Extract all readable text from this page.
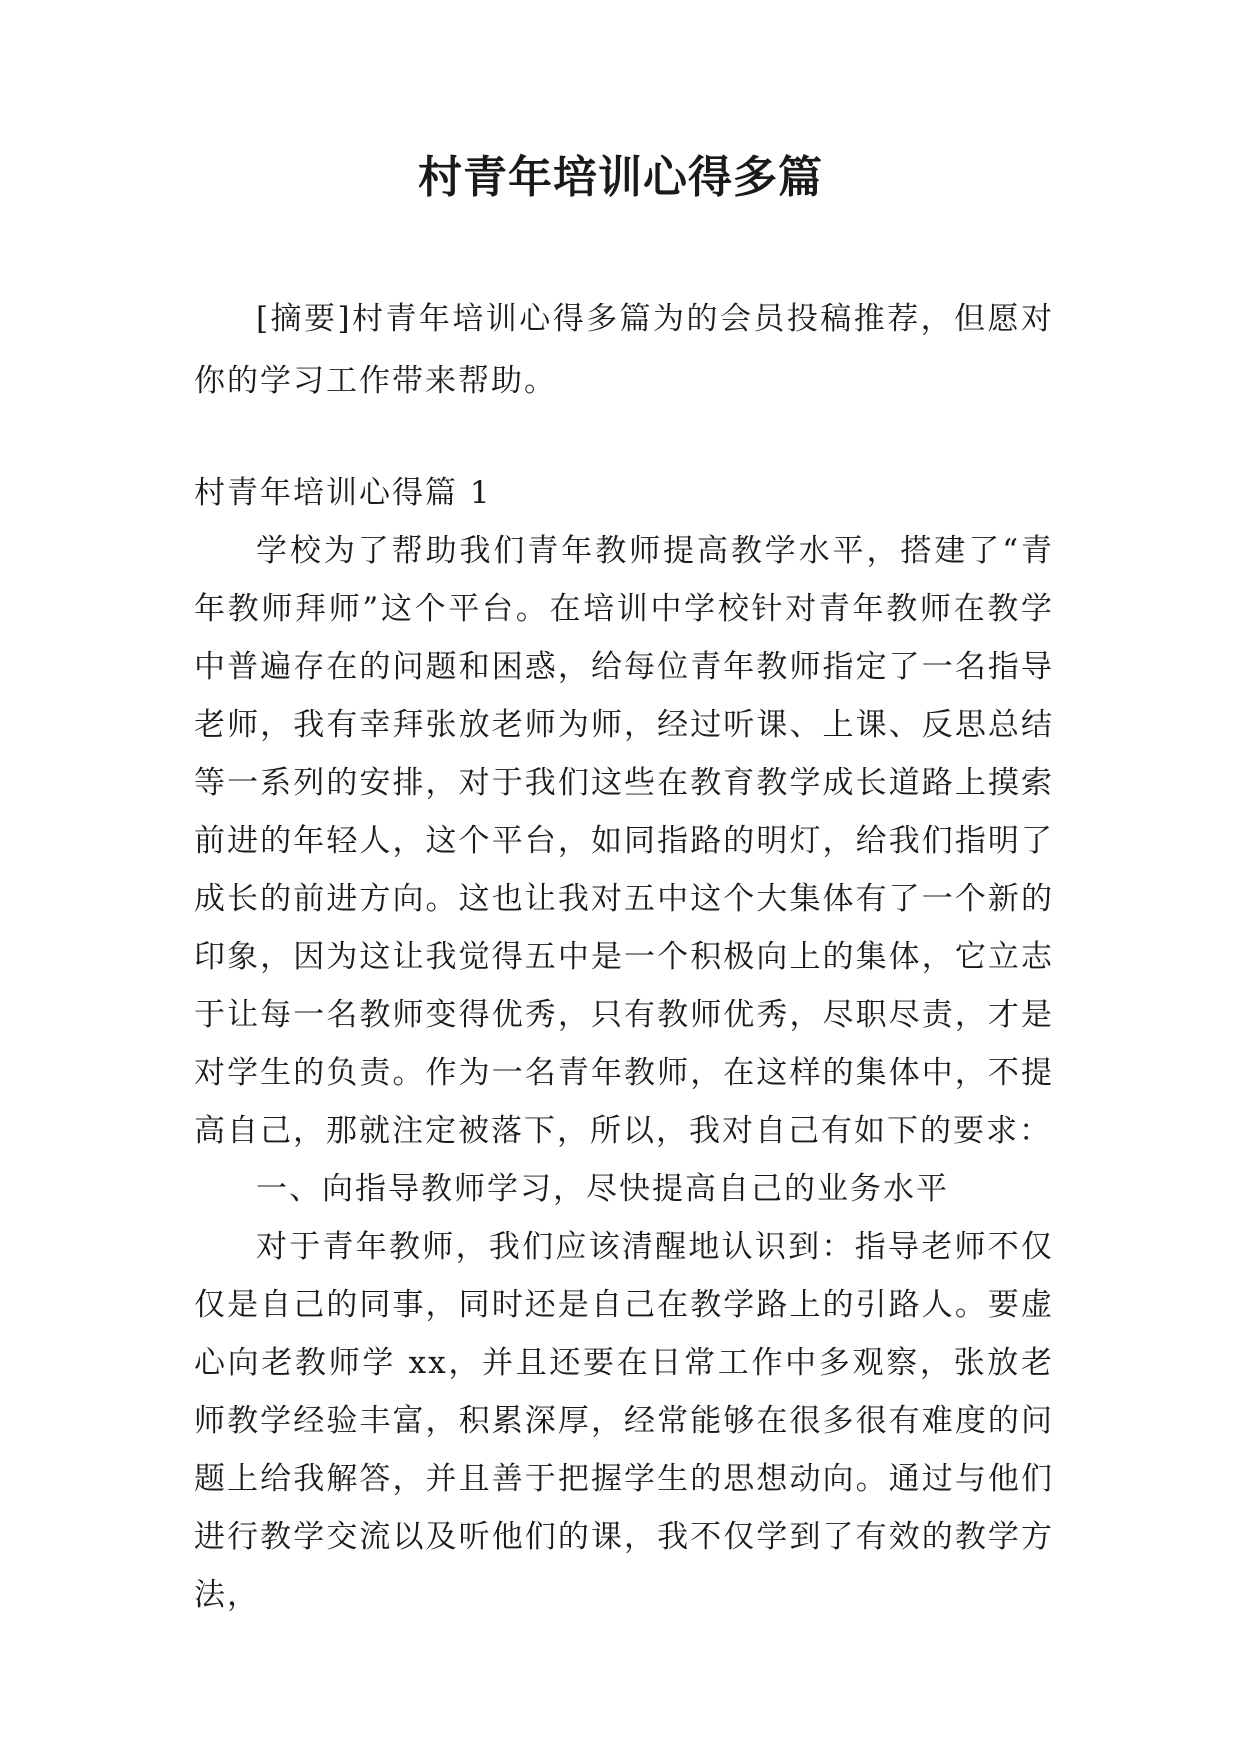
村青年培训心得多篇

[摘要]村青年培训心得多篇为的会员投稿推荐，但愿对你的学习工作带来帮助。

村青年培训心得篇 1

学校为了帮助我们青年教师提高教学水平，搭建了“青年教师拜师”这个平台。在培训中学校针对青年教师在教学中普遍存在的问题和困惑，给每位青年教师指定了一名指导老师，我有幸拜张放老师为师，经过听课、上课、反思总结等一系列的安排，对于我们这些在教育教学成长道路上摸索前进的年轻人，这个平台，如同指路的明灯，给我们指明了成长的前进方向。这也让我对五中这个大集体有了一个新的印象，因为这让我觉得五中是一个积极向上的集体，它立志于让每一名教师变得优秀，只有教师优秀，尽职尽责，才是对学生的负责。作为一名青年教师，在这样的集体中，不提高自己，那就注定被落下，所以，我对自己有如下的要求：

一、向指导教师学习，尽快提高自己的业务水平

对于青年教师，我们应该清醒地认识到：指导老师不仅仅是自己的同事，同时还是自己在教学路上的引路人。要虚心向老教师学 xx，并且还要在日常工作中多观察，张放老师教学经验丰富，积累深厚，经常能够在很多很有难度的问题上给我解答，并且善于把握学生的思想动向。通过与他们进行教学交流以及听他们的课，我不仅学到了有效的教学方法，
